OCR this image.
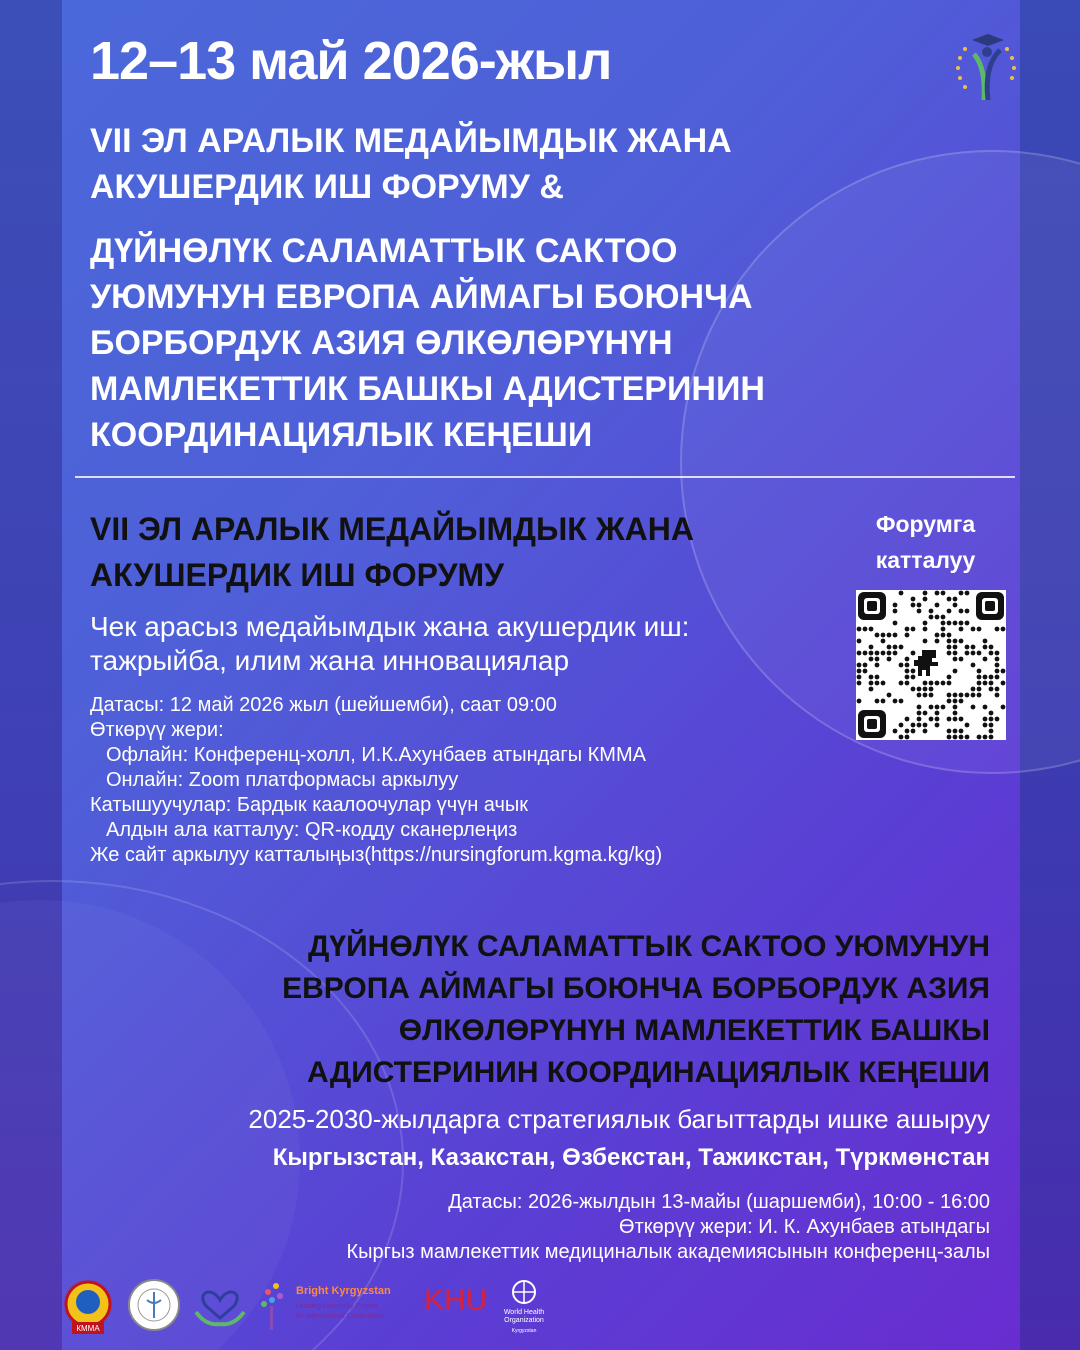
12–13 май 2026-жыл
VII ЭЛ АРАЛЫК МЕДАЙЫМДЫК ЖАНА
АКУШЕРДИК ИШ ФОРУМУ &
ДҮЙНӨЛҮК САЛАМАТТЫК САКТОО
УЮМУНУН ЕВРОПА АЙМАГЫ БОЮНЧА
БОРБОРДУК АЗИЯ ӨЛКӨЛӨРҮНҮН
МАМЛЕКЕТТИК БАШКЫ АДИСТЕРИНИН
КООРДИНАЦИЯЛЫК КЕҢЕШИ
VII ЭЛ АРАЛЫК МЕДАЙЫМДЫК ЖАНА
АКУШЕРДИК ИШ ФОРУМУ
Чек арасыз медайымдык жана акушердик иш:
тажрыйба, илим жана инновациялар
Датасы: 12 май 2026 жыл (шейшемби), саат 09:00
Өткөрүү жери:
Офлайн: Конференц-холл, И.К.Ахунбаев атындагы КММА
Онлайн: Zoom платформасы аркылуу
Катышуучулар: Бардык каалоочулар үчүн ачык
Алдын ала катталуу: QR-кодду сканерлеңиз
Же сайт аркылуу катталыңыз(https://nursingforum.kgma.kg/kg)
Форумга
катталуу
ДҮЙНӨЛҮК САЛАМАТТЫК САКТОО УЮМУНУН
ЕВРОПА АЙМАГЫ БОЮНЧА БОРБОРДУК АЗИЯ
ӨЛКӨЛӨРҮНҮН МАМЛЕКЕТТИК БАШКЫ
АДИСТЕРИНИН КООРДИНАЦИЯЛЫК КЕҢЕШИ
2025-2030-жылдарга стратегиялык багыттарды ишке ашыруу
Кыргызстан, Казакстан, Өзбекстан, Тажикстан, Түркмөнстан
Датасы: 2026-жылдын 13-майы (шаршемби), 10:00 - 16:00
Өткөрүү жери: И. К. Ахунбаев атындагы
Кыргыз мамлекеттик медициналык академиясынын конференц-залы
КММА
Bright Kyrgyzstan
Leading University Project
for International Cooperation KHU World Health
Organization
Kyrgyzstan
